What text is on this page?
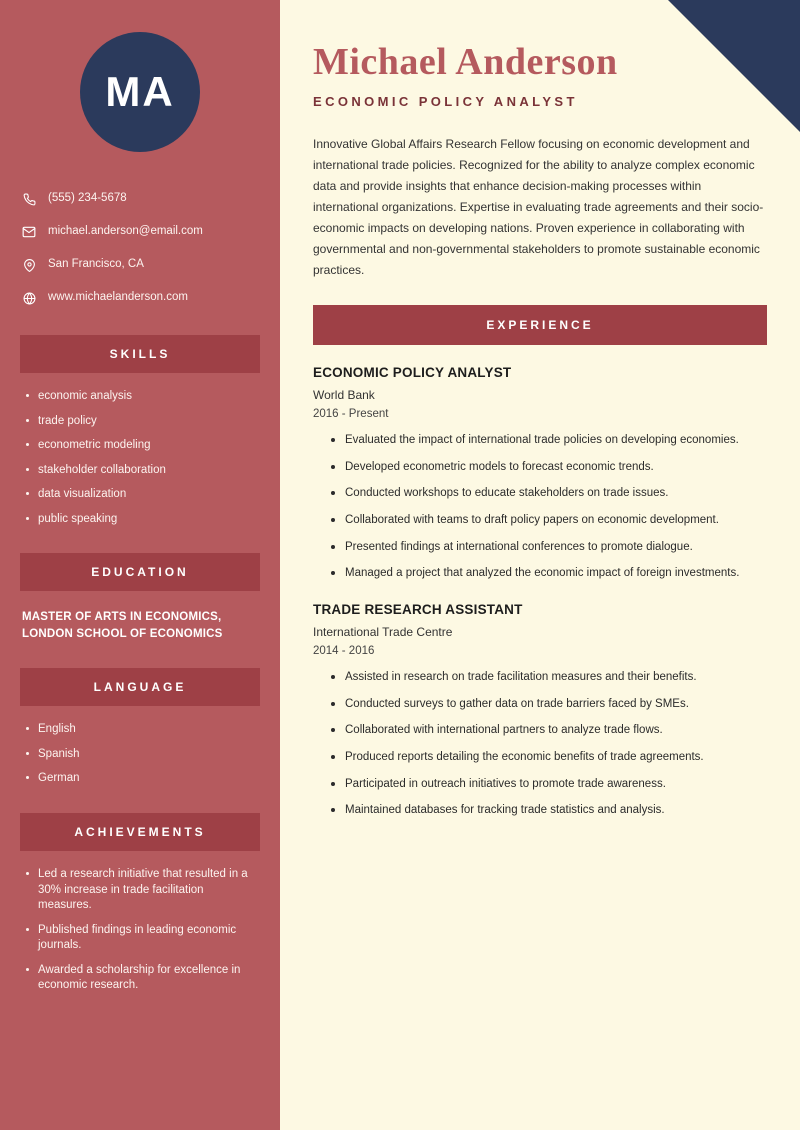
MA
(555) 234-5678
michael.anderson@email.com
San Francisco, CA
www.michaelanderson.com
SKILLS
economic analysis
trade policy
econometric modeling
stakeholder collaboration
data visualization
public speaking
EDUCATION
MASTER OF ARTS IN ECONOMICS, LONDON SCHOOL OF ECONOMICS
LANGUAGE
English
Spanish
German
ACHIEVEMENTS
Led a research initiative that resulted in a 30% increase in trade facilitation measures.
Published findings in leading economic journals.
Awarded a scholarship for excellence in economic research.
Michael Anderson
ECONOMIC POLICY ANALYST

Innovative Global Affairs Research Fellow focusing on economic development and international trade policies. Recognized for the ability to analyze complex economic data and provide insights that enhance decision-making processes within international organizations. Expertise in evaluating trade agreements and their socio-economic impacts on developing nations. Proven experience in collaborating with governmental and non-governmental stakeholders to promote sustainable economic practices.

EXPERIENCE
ECONOMIC POLICY ANALYST
World Bank
2016 - Present
Evaluated the impact of international trade policies on developing economies.
Developed econometric models to forecast economic trends.
Conducted workshops to educate stakeholders on trade issues.
Collaborated with teams to draft policy papers on economic development.
Presented findings at international conferences to promote dialogue.
Managed a project that analyzed the economic impact of foreign investments.
TRADE RESEARCH ASSISTANT
International Trade Centre
2014 - 2016
Assisted in research on trade facilitation measures and their benefits.
Conducted surveys to gather data on trade barriers faced by SMEs.
Collaborated with international partners to analyze trade flows.
Produced reports detailing the economic benefits of trade agreements.
Participated in outreach initiatives to promote trade awareness.
Maintained databases for tracking trade statistics and analysis.
